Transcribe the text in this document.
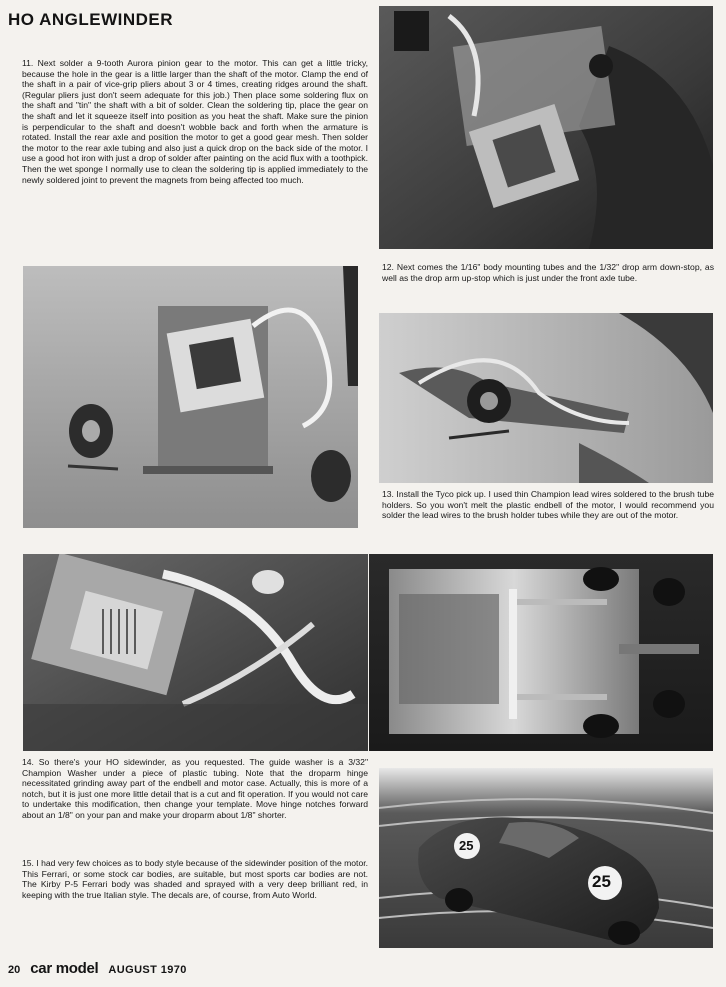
HO ANGLEWINDER
11. Next solder a 9-tooth Aurora pinion gear to the motor. This can get a little tricky, because the hole in the gear is a little larger than the shaft of the motor. Clamp the end of the shaft in a pair of vice-grip pliers about 3 or 4 times, creating ridges around the shaft. (Regular pliers just don't seem adequate for this job.) Then place some soldering flux on the shaft and "tin" the shaft with a bit of solder. Clean the soldering tip, place the gear on the shaft and let it squeeze itself into position as you heat the shaft. Make sure the pinion is perpendicular to the shaft and doesn't wobble back and forth when the armature is rotated. Install the rear axle and position the motor to get a good gear mesh. Then solder the motor to the rear axle tubing and also just a quick drop on the back side of the motor. I use a good hot iron with just a drop of solder after painting on the acid flux with a toothpick. Then the wet sponge I normally use to clean the soldering tip is applied immediately to the newly soldered joint to prevent the magnets from being affected too much.
12. Next comes the 1/16" body mounting tubes and the 1/32" drop arm down-stop, as well as the drop arm up-stop which is just under the front axle tube.
13. Install the Tyco pick up. I used thin Champion lead wires soldered to the brush tube holders. So you won't melt the plastic endbell of the motor, I would recommend you solder the lead wires to the brush holder tubes while they are out of the motor.
14. So there's your HO sidewinder, as you requested. The guide washer is a 3/32" Champion Washer under a piece of plastic tubing. Note that the droparm hinge necessitated grinding away part of the endbell and motor case. Actually, this is more of a notch, but it is just one more little detail that is a cut and fit operation. If you would not care to undertake this modification, then change your template. Move hinge notches forward about an 1/8" on your pan and make your droparm about 1/8" shorter.
15. I had very few choices as to body style because of the sidewinder position of the motor. This Ferrari, or some stock car bodies, are suitable, but most sports car bodies are not. The Kirby P-5 Ferrari body was shaded and sprayed with a very deep brilliant red, in keeping with the true Italian style. The decals are, of course, from Auto World.
25
25
20 car model AUGUST 1970
